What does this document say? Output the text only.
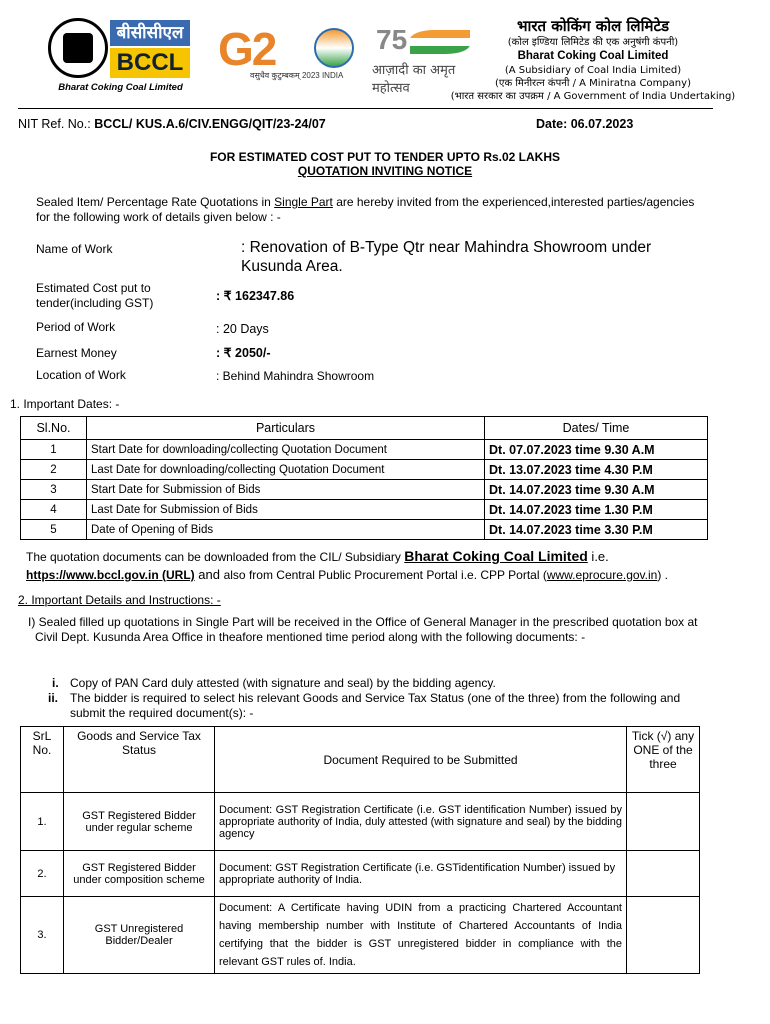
बीसीसीएल
BCCL
Bharat Coking Coal Limited
G2
वसुधैव कुटुम्बकम् 2023 INDIA
75
आज़ादी का अमृत महोत्सव
भारत कोकिंग कोल लिमिटेड
(कोल इण्डिया लिमिटेड की एक अनुषंगी कंपनी)
Bharat Coking Coal Limited
(A Subsidiary of Coal India Limited)
(एक मिनीरत्न कंपनी / A Miniratna Company)
(भारत सरकार का उपक्रम / A Government of India Undertaking)
NIT Ref. No.: BCCL/ KUS.A.6/CIV.ENGG/QIT/23-24/07	Date: 06.07.2023
FOR ESTIMATED COST PUT TO TENDER UPTO Rs.02 LAKHS
QUOTATION INVITING NOTICE
Sealed Item/ Percentage Rate Quotations in Single Part are hereby invited from the experienced,interested parties/agencies for the following work of details given below : -
Name of Work	: Renovation of B-Type Qtr near Mahindra Showroom under Kusunda Area.
Estimated Cost put to tender(including GST)	: ₹ 162347.86
Period of Work	: 20 Days
Earnest Money	: ₹ 2050/-
Location of Work	: Behind Mahindra Showroom
1. Important Dates: -
Sl.No.	Particulars	Dates/ Time
1	Start Date for downloading/collecting Quotation Document	Dt. 07.07.2023 time 9.30 A.M
2	Last Date for downloading/collecting Quotation Document	Dt. 13.07.2023 time 4.30 P.M
3	Start Date for Submission of Bids	Dt. 14.07.2023 time 9.30 A.M
4	Last Date for Submission of Bids	Dt. 14.07.2023 time 1.30 P.M
5	Date of Opening of Bids	Dt. 14.07.2023 time 3.30 P.M
The quotation documents can be downloaded from the CIL/ Subsidiary Bharat Coking Coal Limited i.e.
https://www.bccl.gov.in (URL) and also from Central Public Procurement Portal i.e. CPP Portal (www.eprocure.gov.in) .
2. Important Details and Instructions: -
I) Sealed filled up quotations in Single Part will be received in the Office of General Manager in the prescribed quotation box at Civil Dept. Kusunda Area Office in theafore mentioned time period along with the following documents: -
i. Copy of PAN Card duly attested (with signature and seal) by the bidding agency.
ii. The bidder is required to select his relevant Goods and Service Tax Status (one of the three) from the following and submit the required document(s): -
SrL No.	Goods and Service Tax Status	Document Required to be Submitted	Tick (√) any ONE of the three
1.	GST Registered Bidder under regular scheme	Document: GST Registration Certificate (i.e. GST identification Number) issued by appropriate authority of India, duly attested (with signature and seal) by the bidding agency	
2.	GST Registered Bidder under composition scheme	Document: GST Registration Certificate (i.e. GSTidentification Number) issued by appropriate authority of India.	
3.	GST Unregistered Bidder/Dealer	Document: A Certificate having UDIN from a practicing Chartered Accountant having membership number with Institute of Chartered Accountants of India certifying that the bidder is GST unregistered bidder in compliance with the relevant GST rules of. India.	
